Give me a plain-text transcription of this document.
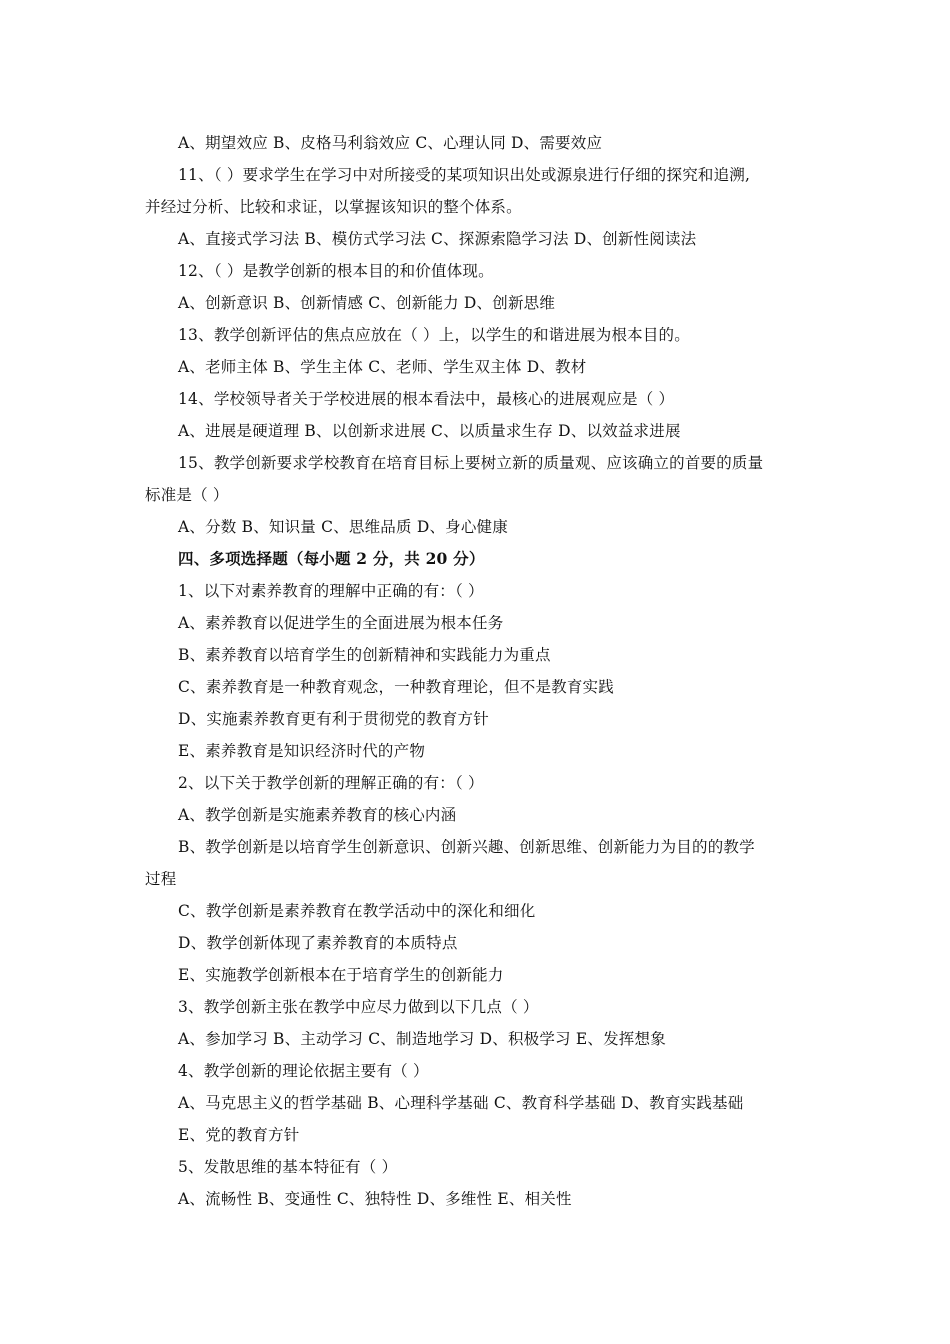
A、期望效应 B、皮格马利翁效应 C、心理认同 D、需要效应
11、（ ）要求学生在学习中对所接受的某项知识出处或源泉进行仔细的探究和追溯,
并经过分析、比较和求证，以掌握该知识的整个体系。
A、直接式学习法 B、模仿式学习法 C、探源索隐学习法 D、创新性阅读法
12、（ ）是教学创新的根本目的和价值体现。
A、创新意识 B、创新情感 C、创新能力 D、创新思维
13、教学创新评估的焦点应放在（ ）上，以学生的和谐进展为根本目的。
A、老师主体 B、学生主体 C、老师、学生双主体 D、教材
14、学校领导者关于学校进展的根本看法中，最核心的进展观应是（ ）
A、进展是硬道理 B、以创新求进展 C、以质量求生存 D、以效益求进展
15、教学创新要求学校教育在培育目标上要树立新的质量观、应该确立的首要的质量
标准是（ ）
A、分数 B、知识量 C、思维品质 D、身心健康
四、多项选择题（每小题 2 分，共 20 分）
1、以下对素养教育的理解中正确的有：（ ）
A、素养教育以促进学生的全面进展为根本任务
B、素养教育以培育学生的创新精神和实践能力为重点
C、素养教育是一种教育观念，一种教育理论，但不是教育实践
D、实施素养教育更有利于贯彻党的教育方针
E、素养教育是知识经济时代的产物
2、以下关于教学创新的理解正确的有：（ ）
A、教学创新是实施素养教育的核心内涵
B、教学创新是以培育学生创新意识、创新兴趣、创新思维、创新能力为目的的教学
过程
C、教学创新是素养教育在教学活动中的深化和细化
D、教学创新体现了素养教育的本质特点
E、实施教学创新根本在于培育学生的创新能力
3、教学创新主张在教学中应尽力做到以下几点（ ）
A、参加学习 B、主动学习 C、制造地学习 D、积极学习 E、发挥想象
4、教学创新的理论依据主要有（ ）
A、马克思主义的哲学基础 B、心理科学基础 C、教育科学基础 D、教育实践基础
E、党的教育方针
5、发散思维的基本特征有（ ）
A、流畅性 B、变通性 C、独特性 D、多维性 E、相关性
